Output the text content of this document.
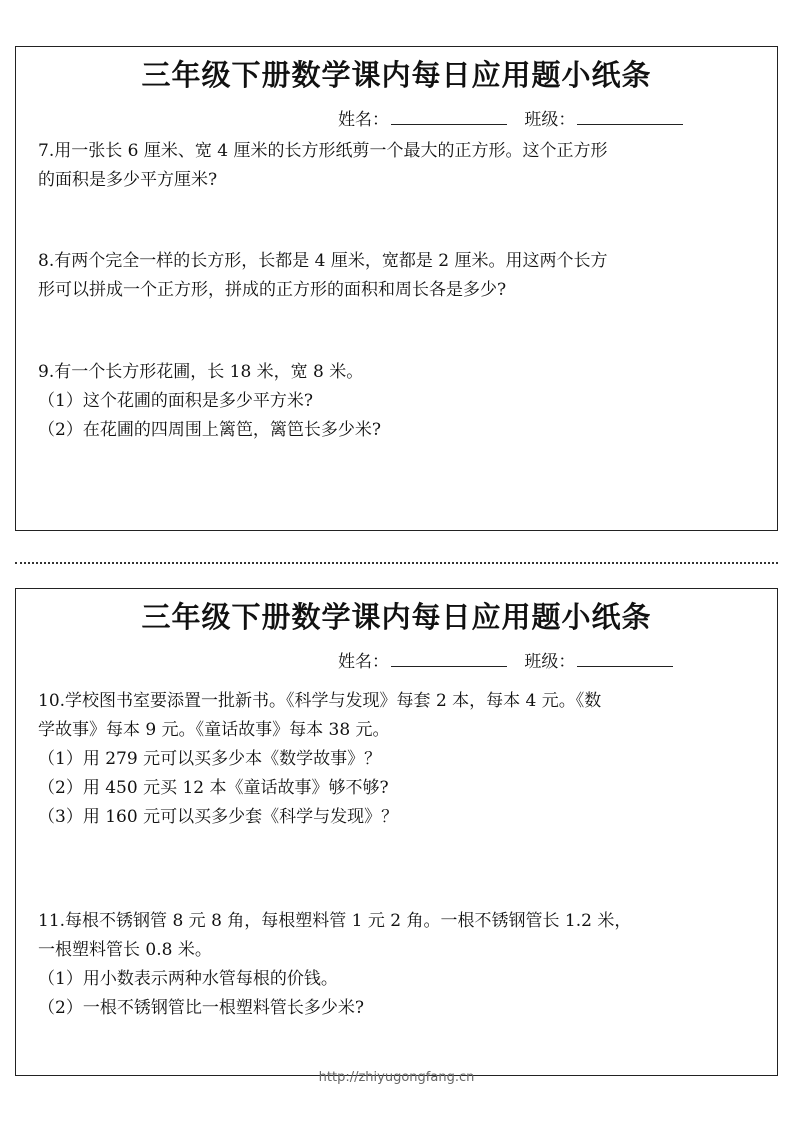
三年级下册数学课内每日应用题小纸条
姓名：	班级：

7.用一张长 6 厘米、宽 4 厘米的长方形纸剪一个最大的正方形。这个正方形

的面积是多少平方厘米?

8.有两个完全一样的长方形，长都是 4 厘米，宽都是 2 厘米。用这两个长方

形可以拼成一个正方形，拼成的正方形的面积和周长各是多少?

9.有一个长方形花圃，长 18 米，宽 8 米。

（1）这个花圃的面积是多少平方米?

（2）在花圃的四周围上篱笆，篱笆长多少米?

三年级下册数学课内每日应用题小纸条
姓名：	班级：

10.学校图书室要添置一批新书。《科学与发现》每套 2 本，每本 4 元。《数

学故事》每本 9 元。《童话故事》每本 38 元。

（1）用 279 元可以买多少本《数学故事》？

（2）用 450 元买 12 本《童话故事》够不够?

（3）用 160 元可以买多少套《科学与发现》？

11.每根不锈钢管 8 元 8 角，每根塑料管 1 元 2 角。一根不锈钢管长 1.2 米，

一根塑料管长 0.8 米。

（1）用小数表示两种水管每根的价钱。

（2）一根不锈钢管比一根塑料管长多少米?

http://zhiyugongfang.cn
